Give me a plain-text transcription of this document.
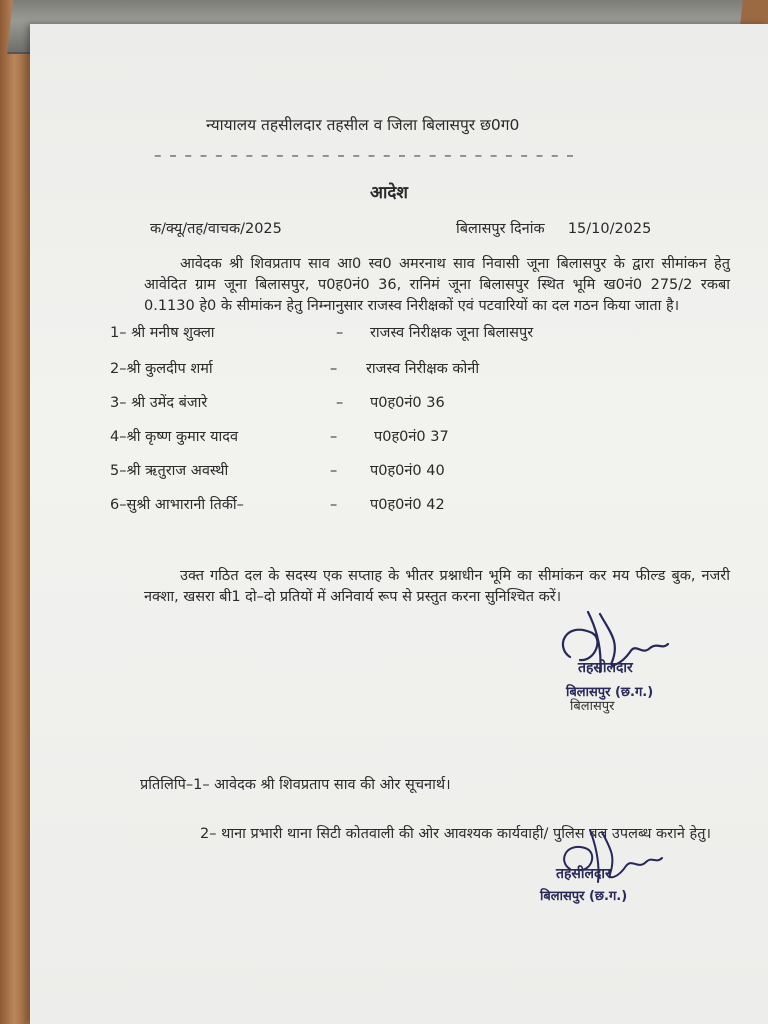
न्यायालय तहसीलदार तहसील व जिला बिलासपुर छ0ग0
– – – – – – – – – – – – – – – – – – – – – – – – – – – –
आदेश
क/क्यू/तह/वाचक/2025	बिलासपुर दिनांक 15/10/2025
आवेदक श्री शिवप्रताप साव आ0 स्व0 अमरनाथ साव निवासी जूना बिलासपुर के द्वारा सीमांकन हेतु आवेदित ग्राम जूना बिलासपुर, प0ह0नं0 36, रानिमं जूना बिलासपुर स्थित भूमि ख0नं0 275/2 रकबा 0.1130 हे0 के सीमांकन हेतु निम्नानुसार राजस्व निरीक्षकों एवं पटवारियों का दल गठन किया जाता है।
1– श्री मनीष शुक्ला	– राजस्व निरीक्षक जूना बिलासपुर
2–श्री कुलदीप शर्मा	– राजस्व निरीक्षक कोनी
3– श्री उमेंद बंजारे	– प0ह0नं0 36
4–श्री कृष्ण कुमार यादव	–	प0ह0नं0 37
5–श्री ऋतुराज अवस्थी	– प0ह0नं0 40
6–सुश्री आभारानी तिर्की–	– प0ह0नं0 42
उक्त गठित दल के सदस्य एक सप्ताह के भीतर प्रश्नाधीन भूमि का सीमांकन कर मय फील्ड बुक, नजरी नक्शा, खसरा बी1 दो–दो प्रतियों में अनिवार्य रूप से प्रस्तुत करना सुनिश्चित करें।
तहसीलदार
बिलासपुर (छ.ग.)
बिलासपुर
प्रतिलिपि–1– आवेदक श्री शिवप्रताप साव की ओर सूचनार्थ।
2– थाना प्रभारी थाना सिटी कोतवाली की ओर आवश्यक कार्यवाही/ पुलिस बल उपलब्ध कराने हेतु।
तहसीलदार
बिलासपुर (छ.ग.)
